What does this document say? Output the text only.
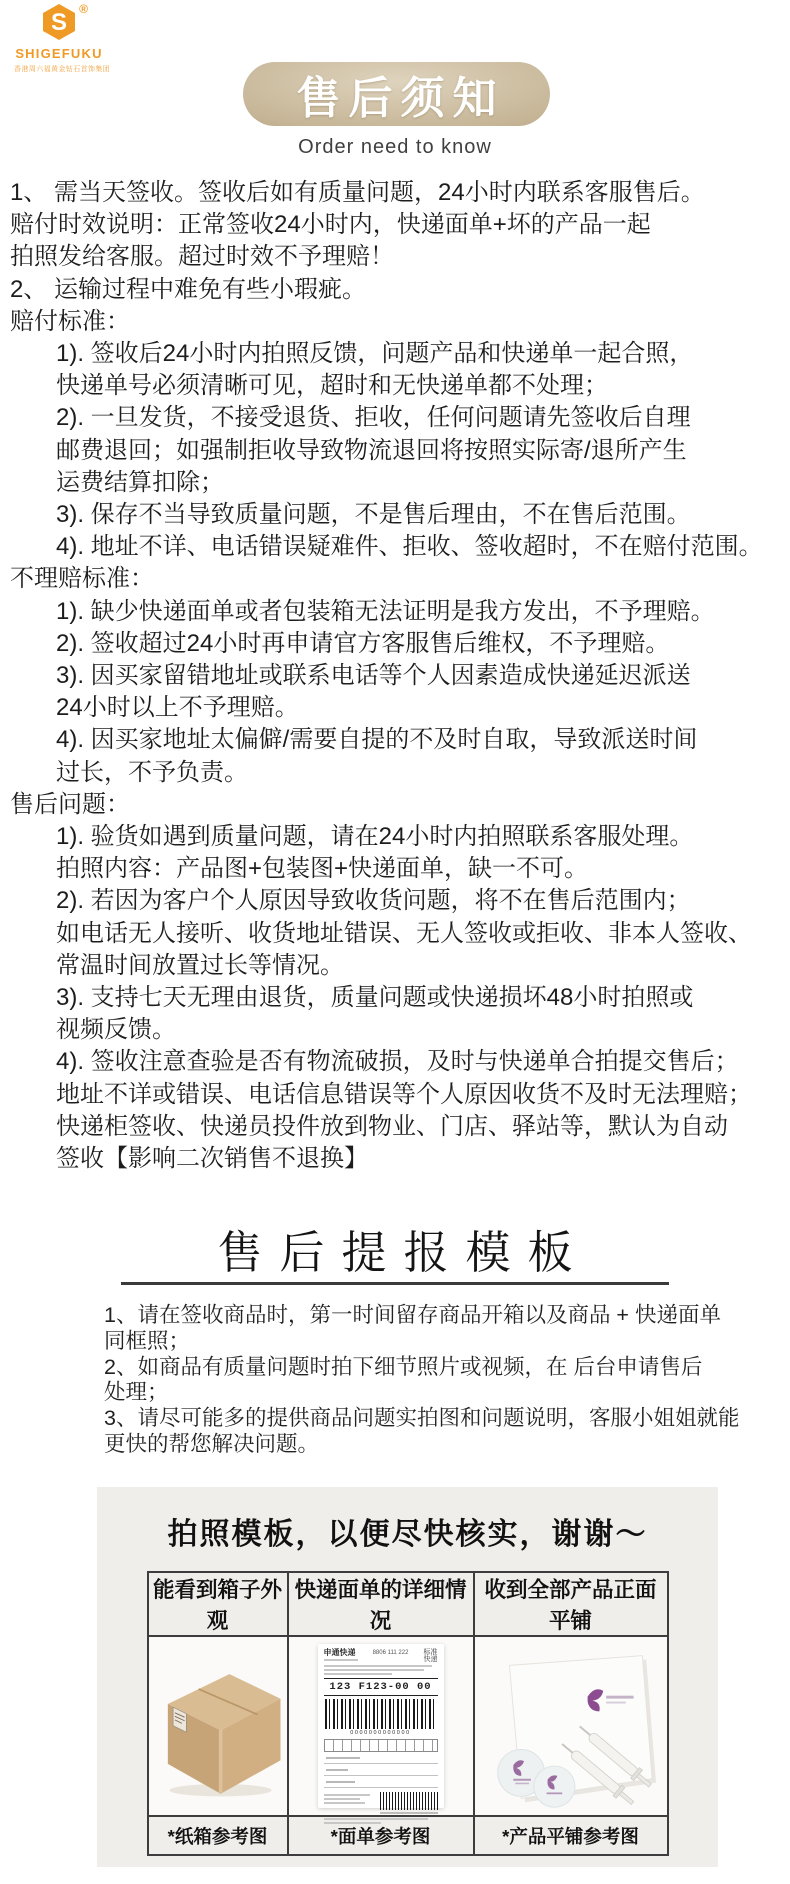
S ®
SHIGEFUKU
香港周六福黄金钻石首饰集团
售后须知
Order need to know

1、 需当天签收。签收后如有质量问题，24小时内联系客服售后。

赔付时效说明：正常签收24小时内，快递面单+坏的产品一起

拍照发给客服。超过时效不予理赔！

2、 运输过程中难免有些小瑕疵。

赔付标准：

1). 签收后24小时内拍照反馈，问题产品和快递单一起合照，

快递单号必须清晰可见，超时和无快递单都不处理；

2). 一旦发货，不接受退货、拒收，任何问题请先签收后自理

邮费退回；如强制拒收导致物流退回将按照实际寄/退所产生

运费结算扣除；

3). 保存不当导致质量问题，不是售后理由，不在售后范围。

4). 地址不详、电话错误疑难件、拒收、签收超时，不在赔付范围。

不理赔标准：

1). 缺少快递面单或者包装箱无法证明是我方发出，不予理赔。

2). 签收超过24小时再申请官方客服售后维权，不予理赔。

3). 因买家留错地址或联系电话等个人因素造成快递延迟派送

24小时以上不予理赔。

4). 因买家地址太偏僻/需要自提的不及时自取，导致派送时间

过长，不予负责。

售后问题：

1). 验货如遇到质量问题，请在24小时内拍照联系客服处理。

拍照内容：产品图+包装图+快递面单，缺一不可。

2). 若因为客户个人原因导致收货问题，将不在售后范围内；

如电话无人接听、收货地址错误、无人签收或拒收、非本人签收、

常温时间放置过长等情况。

3). 支持七天无理由退货，质量问题或快递损坏48小时拍照或

视频反馈。

4). 签收注意查验是否有物流破损，及时与快递单合拍提交售后；

地址不详或错误、电话信息错误等个人原因收货不及时无法理赔；

快递柜签收、快递员投件放到物业、门店、驿站等，默认为自动

签收【影响二次销售不退换】

售后提报模板

1、请在签收商品时，第一时间留存商品开箱以及商品 + 快递面单

同框照；

2、如商品有质量问题时拍下细节照片或视频，在 后台申请售后

处理；

3、请尽可能多的提供商品问题实拍图和问题说明，客服小姐姐就能

更快的帮您解决问题。

拍照模板，以便尽快核实，谢谢～
能看到箱子外观	快递面单的详细情况	收到全部产品正面平铺

申通快递	8806 111 222 标准
快递
123 F123-00 00
0000000000000

*纸箱参考图	*面单参考图	*产品平铺参考图
